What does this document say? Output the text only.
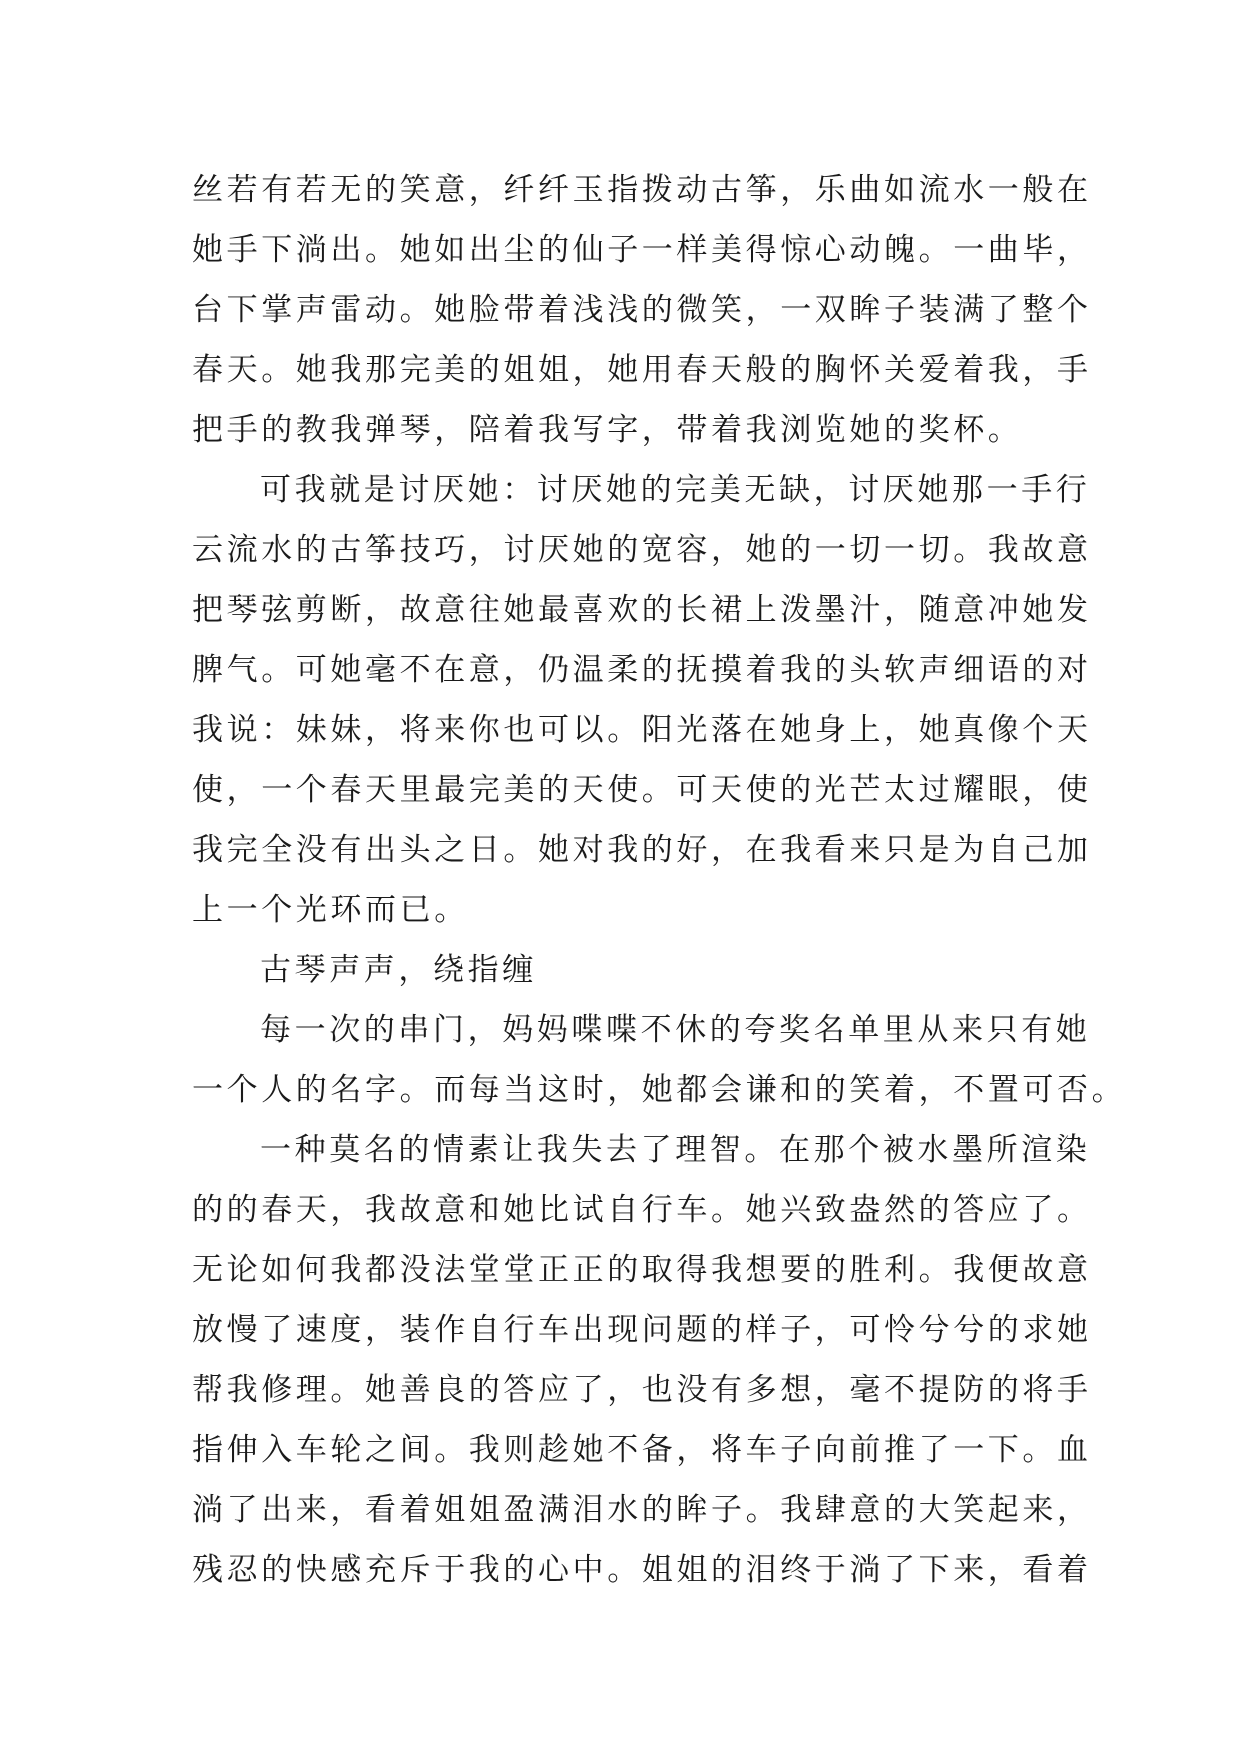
丝若有若无的笑意，纤纤玉指拨动古筝，乐曲如流水一般在
她手下淌出。她如出尘的仙子一样美得惊心动魄。一曲毕，
台下掌声雷动。她脸带着浅浅的微笑，一双眸子装满了整个
春天。她我那完美的姐姐，她用春天般的胸怀关爱着我，手
把手的教我弹琴，陪着我写字，带着我浏览她的奖杯。
可我就是讨厌她：讨厌她的完美无缺，讨厌她那一手行
云流水的古筝技巧，讨厌她的宽容，她的一切一切。我故意
把琴弦剪断，故意往她最喜欢的长裙上泼墨汁，随意冲她发
脾气。可她毫不在意，仍温柔的抚摸着我的头软声细语的对
我说：妹妹，将来你也可以。阳光落在她身上，她真像个天
使，一个春天里最完美的天使。可天使的光芒太过耀眼，使
我完全没有出头之日。她对我的好，在我看来只是为自己加
上一个光环而已。
古琴声声，绕指缠
每一次的串门，妈妈喋喋不休的夸奖名单里从来只有她
一个人的名字。而每当这时，她都会谦和的笑着，不置可否。
一种莫名的情素让我失去了理智。在那个被水墨所渲染
的的春天，我故意和她比试自行车。她兴致盎然的答应了。
无论如何我都没法堂堂正正的取得我想要的胜利。我便故意
放慢了速度，装作自行车出现问题的样子，可怜兮兮的求她
帮我修理。她善良的答应了，也没有多想，毫不提防的将手
指伸入车轮之间。我则趁她不备，将车子向前推了一下。血
淌了出来，看着姐姐盈满泪水的眸子。我肆意的大笑起来，
残忍的快感充斥于我的心中。姐姐的泪终于淌了下来，看着
